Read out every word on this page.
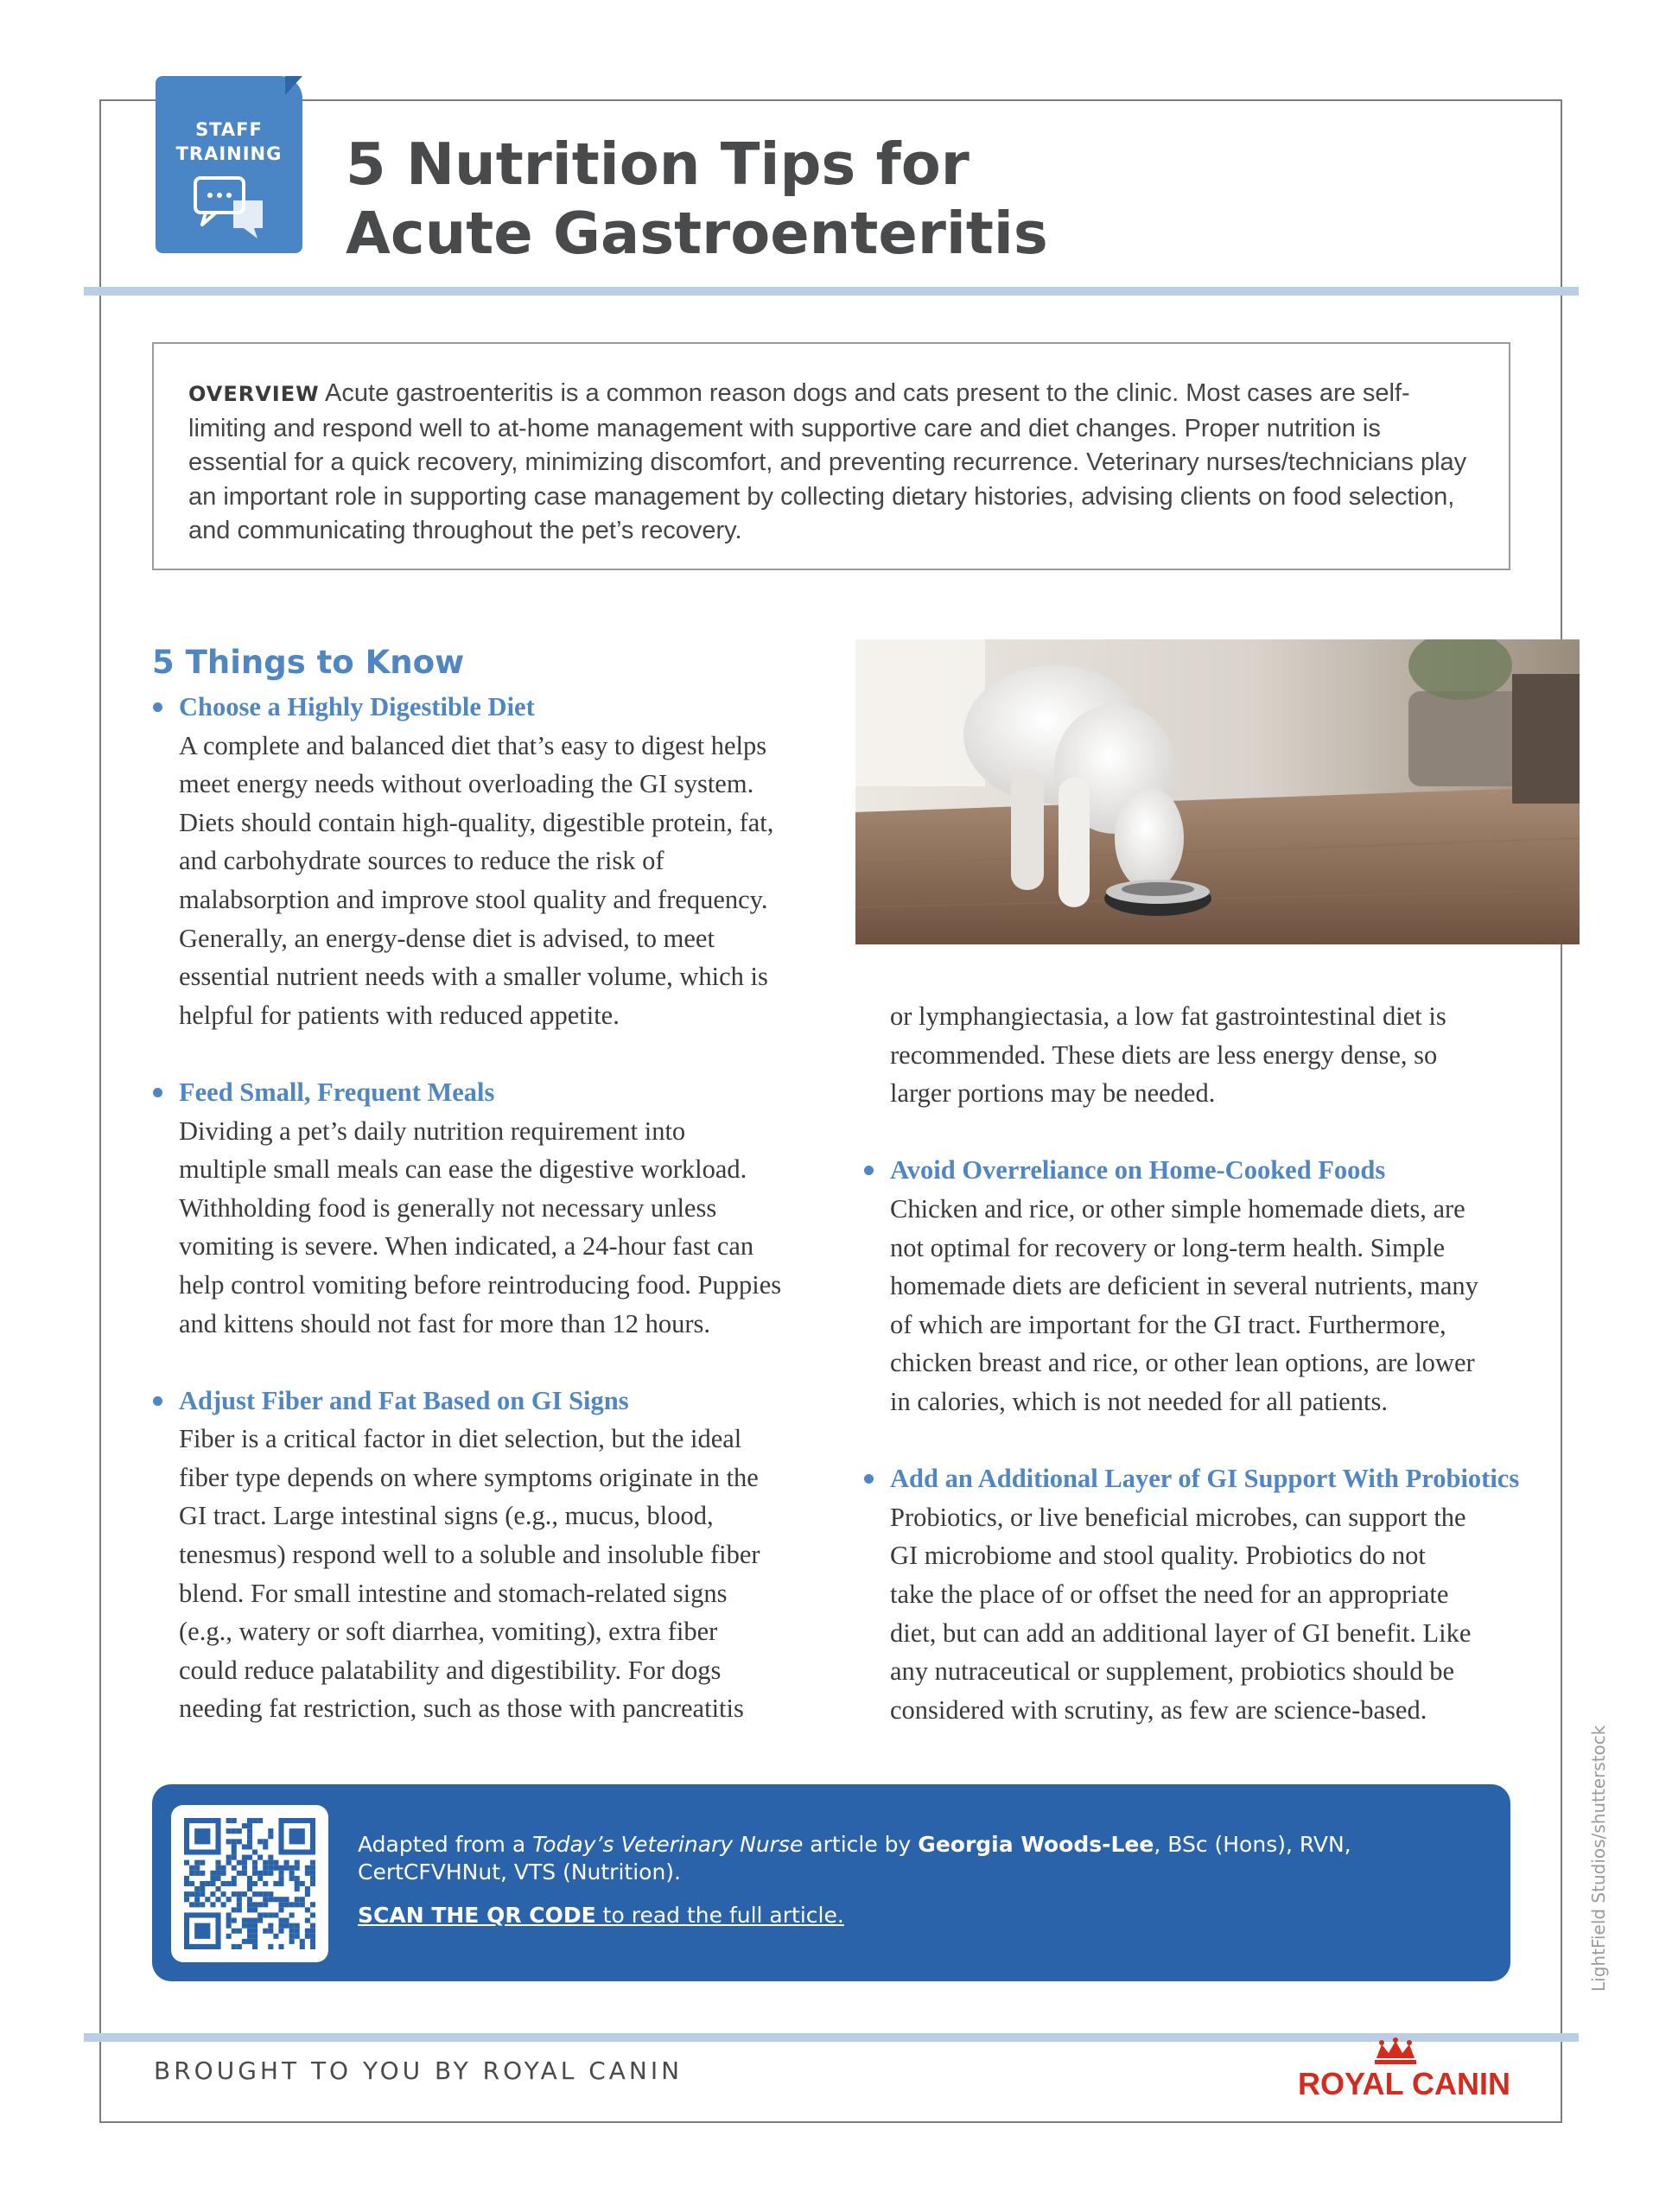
STAFF
TRAINING	5 Nutrition Tips for
Acute Gastroenteritis

OVERVIEW Acute gastroenteritis is a common reason dogs and cats present to the clinic. Most cases are self-limiting and respond well to at-home management with supportive care and diet changes. Proper nutrition is essential for a quick recovery, minimizing discomfort, and preventing recurrence. Veterinary nurses/technicians play an important role in supporting case management by collecting dietary histories, advising clients on food selection, and communicating throughout the pet’s recovery.

5 Things to Know

Choose a Highly Digestible Diet

A complete and balanced diet that’s easy to digest helps

meet energy needs without overloading the GI system.

Diets should contain high-quality, digestible protein, fat,

and carbohydrate sources to reduce the risk of

malabsorption and improve stool quality and frequency.

Generally, an energy-dense diet is advised, to meet

essential nutrient needs with a smaller volume, which is

helpful for patients with reduced appetite.

Feed Small, Frequent Meals

Dividing a pet’s daily nutrition requirement into

multiple small meals can ease the digestive workload.

Withholding food is generally not necessary unless

vomiting is severe. When indicated, a 24-hour fast can

help control vomiting before reintroducing food. Puppies

and kittens should not fast for more than 12 hours.

Adjust Fiber and Fat Based on GI Signs

Fiber is a critical factor in diet selection, but the ideal

fiber type depends on where symptoms originate in the

GI tract. Large intestinal signs (e.g., mucus, blood,

tenesmus) respond well to a soluble and insoluble fiber

blend. For small intestine and stomach-related signs

(e.g., watery or soft diarrhea, vomiting), extra fiber

could reduce palatability and digestibility. For dogs

needing fat restriction, such as those with pancreatitis

or lymphangiectasia, a low fat gastrointestinal diet is

recommended. These diets are less energy dense, so

larger portions may be needed.

Avoid Overreliance on Home-Cooked Foods

Chicken and rice, or other simple homemade diets, are

not optimal for recovery or long-term health. Simple

homemade diets are deficient in several nutrients, many

of which are important for the GI tract. Furthermore,

chicken breast and rice, or other lean options, are lower

in calories, which is not needed for all patients.

Add an Additional Layer of GI Support With Probiotics

Probiotics, or live beneficial microbes, can support the

GI microbiome and stool quality. Probiotics do not

take the place of or offset the need for an appropriate

diet, but can add an additional layer of GI benefit. Like

any nutraceutical or supplement, probiotics should be

considered with scrutiny, as few are science-based.

Adapted from a Today’s Veterinary Nurse article by Georgia Woods-Lee, BSc (Hons), RVN, CertCFVHNut, VTS (Nutrition).

SCAN THE QR CODE to read the full article.

BROUGHT TO YOU BY ROYAL CANIN	ROYAL CANIN
LightField Studios/shutterstock
